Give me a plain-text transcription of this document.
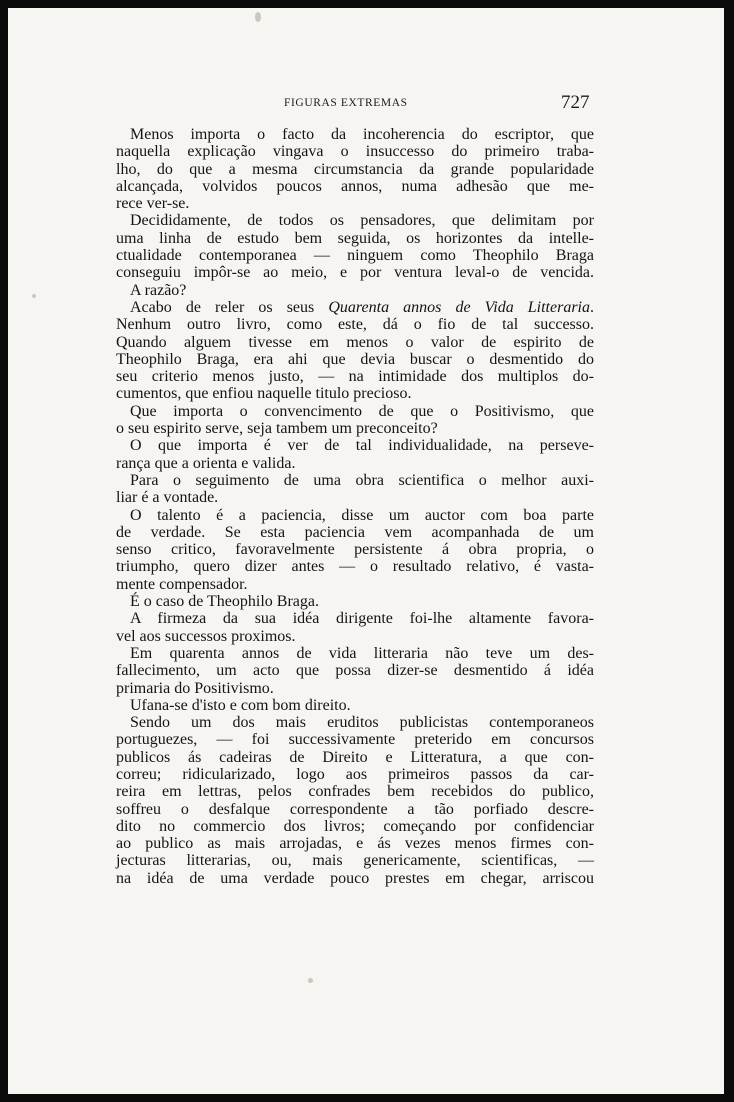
FIGURAS EXTREMAS	727
Menos importa o facto da incoherencia do escriptor, que
naquella explicação vingava o insuccesso do primeiro traba-
lho, do que a mesma circumstancia da grande popularidade
alcançada, volvidos poucos annos, numa adhesão que me-
rece ver-se.
Decididamente, de todos os pensadores, que delimitam por
uma linha de estudo bem seguida, os horizontes da intelle-
ctualidade contemporanea — ninguem como Theophilo Braga
conseguiu impôr-se ao meio, e por ventura leval-o de vencida.
A razão?
Acabo de reler os seus Quarenta annos de Vida Litteraria.
Nenhum outro livro, como este, dá o fio de tal successo.
Quando alguem tivesse em menos o valor de espirito de
Theophilo Braga, era ahi que devia buscar o desmentido do
seu criterio menos justo, — na intimidade dos multiplos do-
cumentos, que enfiou naquelle titulo precioso.
Que importa o convencimento de que o Positivismo, que
o seu espirito serve, seja tambem um preconceito?
O que importa é ver de tal individualidade, na perseve-
rança que a orienta e valida.
Para o seguimento de uma obra scientifica o melhor auxi-
liar é a vontade.
O talento é a paciencia, disse um auctor com boa parte
de verdade. Se esta paciencia vem acompanhada de um
senso critico, favoravelmente persistente á obra propria, o
triumpho, quero dizer antes — o resultado relativo, é vasta-
mente compensador.
É o caso de Theophilo Braga.
A firmeza da sua idéa dirigente foi-lhe altamente favora-
vel aos successos proximos.
Em quarenta annos de vida litteraria não teve um des-
fallecimento, um acto que possa dizer-se desmentido á idéa
primaria do Positivismo.
Ufana-se d'isto e com bom direito.
Sendo um dos mais eruditos publicistas contemporaneos
portuguezes, — foi successivamente preterido em concursos
publicos ás cadeiras de Direito e Litteratura, a que con-
correu; ridicularizado, logo aos primeiros passos da car-
reira em lettras, pelos confrades bem recebidos do publico,
soffreu o desfalque correspondente a tão porfiado descre-
dito no commercio dos livros; começando por confidenciar
ao publico as mais arrojadas, e ás vezes menos firmes con-
jecturas litterarias, ou, mais genericamente, scientificas, —
na idéa de uma verdade pouco prestes em chegar, arriscou
